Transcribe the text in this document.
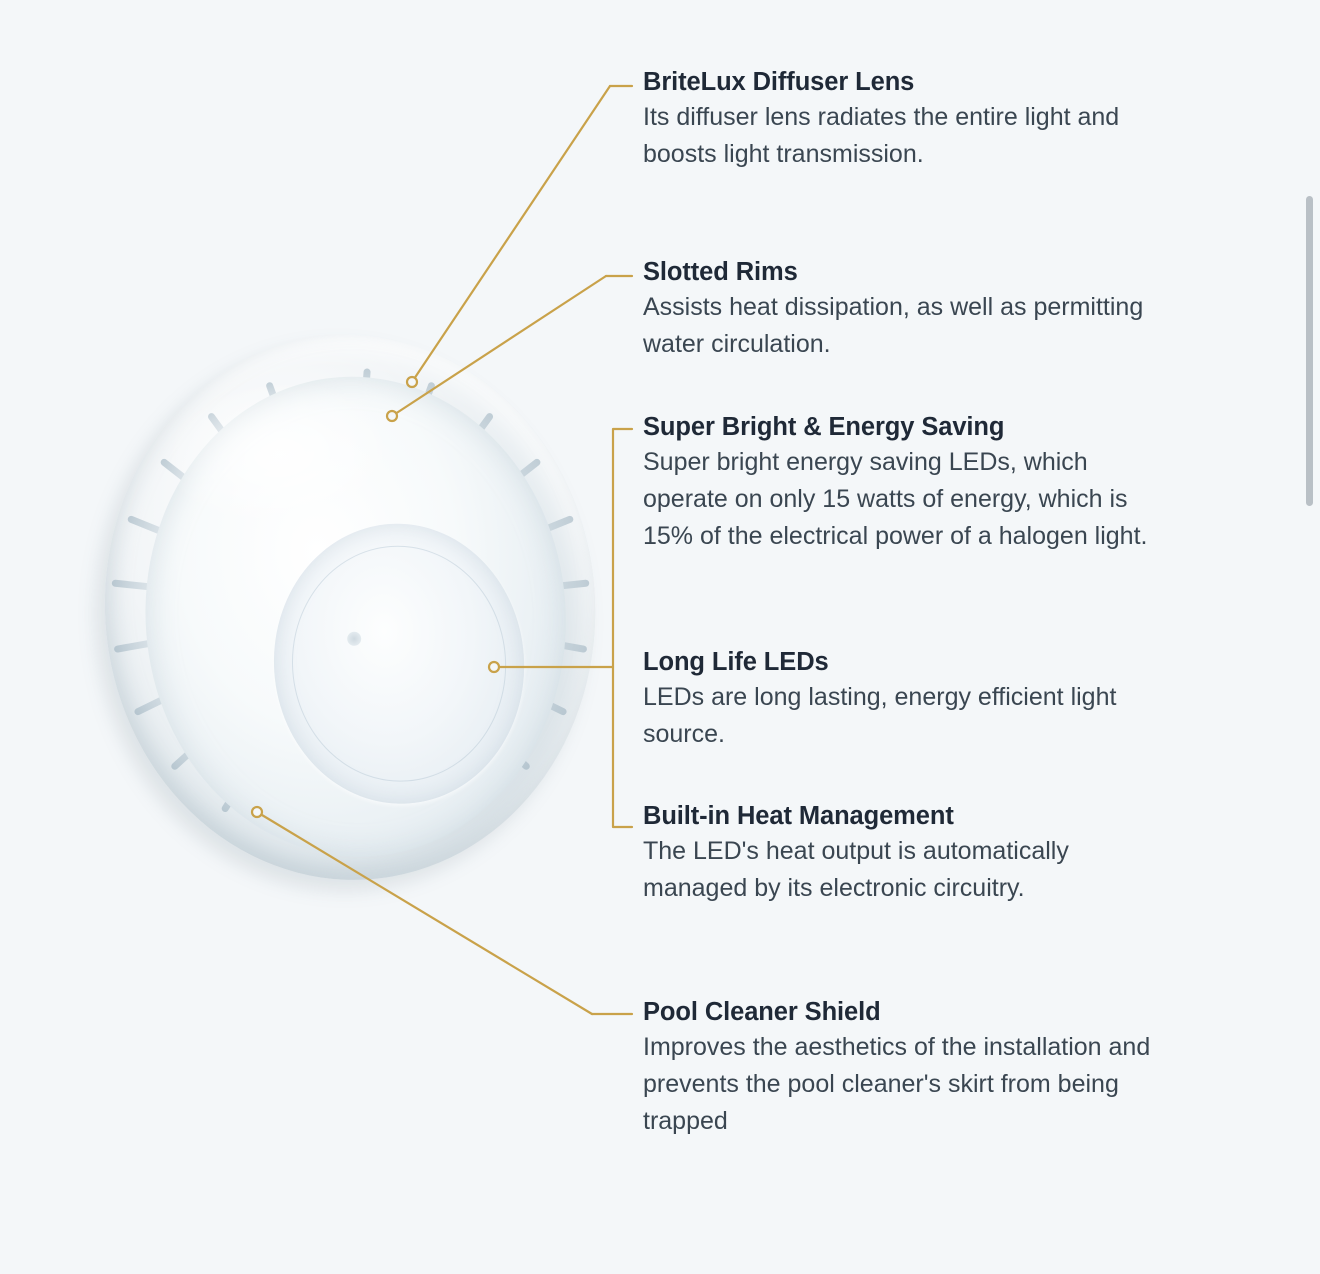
BriteLux Diffuser Lens

Its diffuser lens radiates the entire light and boosts light transmission.

Slotted Rims

Assists heat dissipation, as well as permitting water circulation.

Super Bright & Energy Saving

Super bright energy saving LEDs, which operate on only 15 watts of energy, which is 15% of the electrical power of a halogen light.

Long Life LEDs

LEDs are long lasting, energy efficient light source.

Built-in Heat Management

The LED's heat output is automatically managed by its electronic circuitry.

Pool Cleaner Shield

Improves the aesthetics of the installation and prevents the pool cleaner's skirt from being trapped
